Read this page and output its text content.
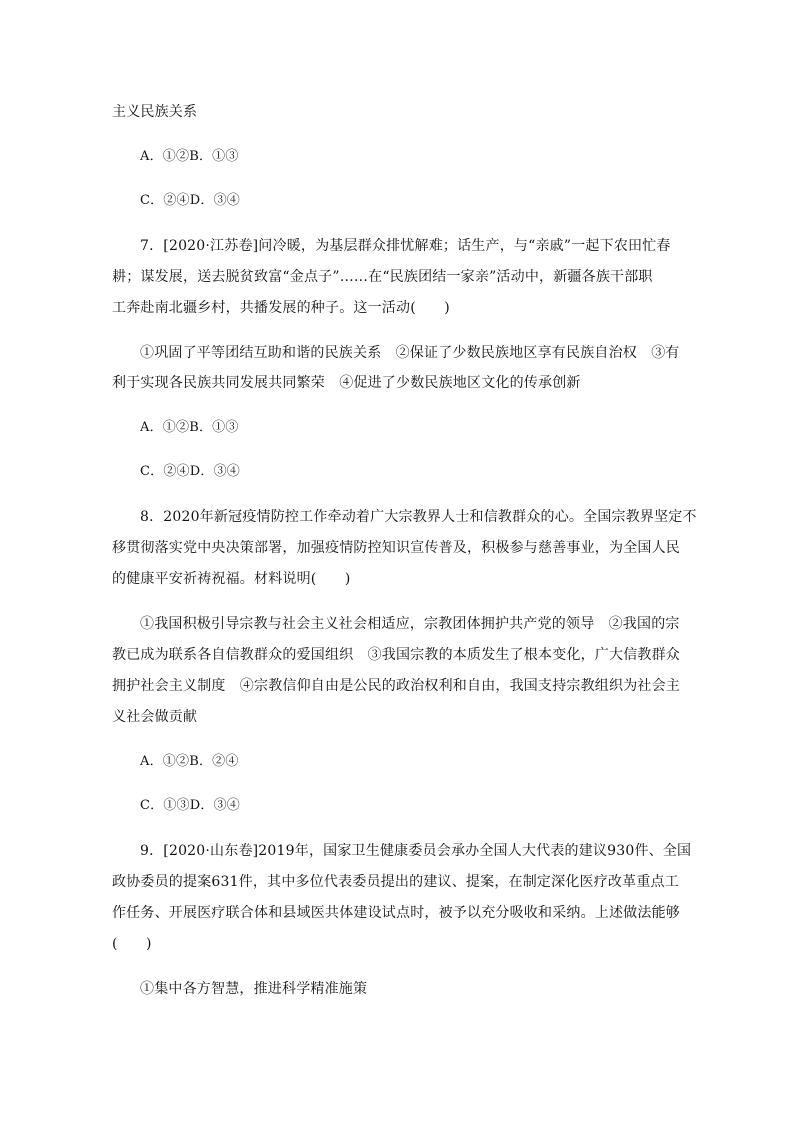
主义民族关系
A．①②B．①③
C．②④D．③④
7．[2020·江苏卷]问冷暖，为基层群众排忧解难；话生产，与“亲戚”一起下农田忙春
耕；谋发展，送去脱贫致富“金点子”……在“民族团结一家亲”活动中，新疆各族干部职
工奔赴南北疆乡村，共播发展的种子。这一活动(　　)
①巩固了平等团结互助和谐的民族关系　②保证了少数民族地区享有民族自治权　③有
利于实现各民族共同发展共同繁荣　④促进了少数民族地区文化的传承创新
A．①②B．①③
C．②④D．③④
8．2020年新冠疫情防控工作牵动着广大宗教界人士和信教群众的心。全国宗教界坚定不
移贯彻落实党中央决策部署，加强疫情防控知识宣传普及，积极参与慈善事业，为全国人民
的健康平安祈祷祝福。材料说明(　　)
①我国积极引导宗教与社会主义社会相适应，宗教团体拥护共产党的领导　②我国的宗
教已成为联系各自信教群众的爱国组织　③我国宗教的本质发生了根本变化，广大信教群众
拥护社会主义制度　④宗教信仰自由是公民的政治权利和自由，我国支持宗教组织为社会主
义社会做贡献
A．①②B．②④
C．①③D．③④
9．[2020·山东卷]2019年，国家卫生健康委员会承办全国人大代表的建议930件、全国
政协委员的提案631件，其中多位代表委员提出的建议、提案，在制定深化医疗改革重点工
作任务、开展医疗联合体和县域医共体建设试点时，被予以充分吸收和采纳。上述做法能够
(　　)
①集中各方智慧，推进科学精准施策
